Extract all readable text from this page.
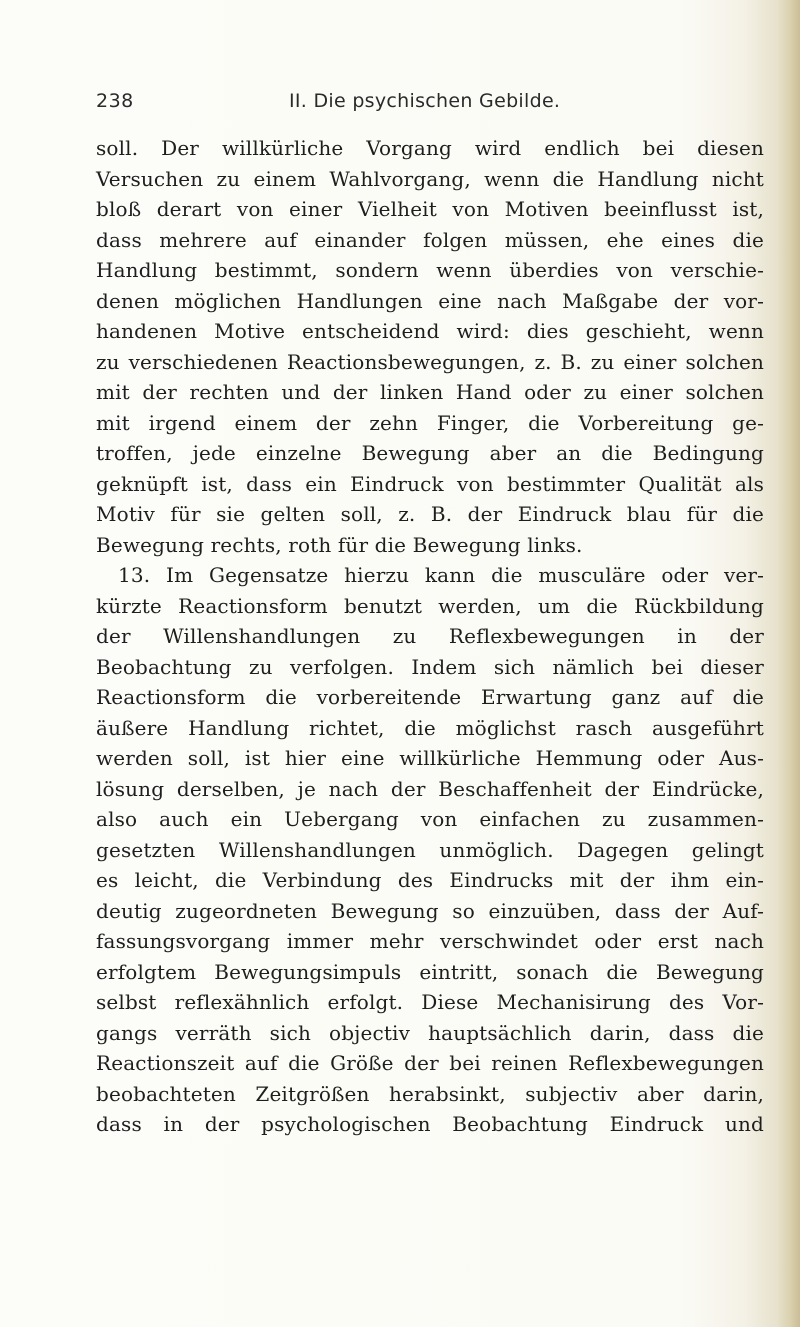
238	II. Die psychischen Gebilde.
soll. Der willkürliche Vorgang wird endlich bei diesen
Versuchen zu einem Wahlvorgang, wenn die Handlung nicht
bloß derart von einer Vielheit von Motiven beeinflusst ist,
dass mehrere auf einander folgen müssen, ehe eines die
Handlung bestimmt, sondern wenn überdies von verschie-
denen möglichen Handlungen eine nach Maßgabe der vor-
handenen Motive entscheidend wird: dies geschieht, wenn
zu verschiedenen Reactionsbewegungen, z. B. zu einer solchen
mit der rechten und der linken Hand oder zu einer solchen
mit irgend einem der zehn Finger, die Vorbereitung ge-
troffen, jede einzelne Bewegung aber an die Bedingung
geknüpft ist, dass ein Eindruck von bestimmter Qualität als
Motiv für sie gelten soll, z. B. der Eindruck blau für die
Bewegung rechts, roth für die Bewegung links.
13. Im Gegensatze hierzu kann die musculäre oder ver-
kürzte Reactionsform benutzt werden, um die Rückbildung
der Willenshandlungen zu Reflexbewegungen in der
Beobachtung zu verfolgen. Indem sich nämlich bei dieser
Reactionsform die vorbereitende Erwartung ganz auf die
äußere Handlung richtet, die möglichst rasch ausgeführt
werden soll, ist hier eine willkürliche Hemmung oder Aus-
lösung derselben, je nach der Beschaffenheit der Eindrücke,
also auch ein Uebergang von einfachen zu zusammen-
gesetzten Willenshandlungen unmöglich. Dagegen gelingt
es leicht, die Verbindung des Eindrucks mit der ihm ein-
deutig zugeordneten Bewegung so einzuüben, dass der Auf-
fassungsvorgang immer mehr verschwindet oder erst nach
erfolgtem Bewegungsimpuls eintritt, sonach die Bewegung
selbst reflexähnlich erfolgt. Diese Mechanisirung des Vor-
gangs verräth sich objectiv hauptsächlich darin, dass die
Reactionszeit auf die Größe der bei reinen Reflexbewegungen
beobachteten Zeitgrößen herabsinkt, subjectiv aber darin,
dass in der psychologischen Beobachtung Eindruck und
